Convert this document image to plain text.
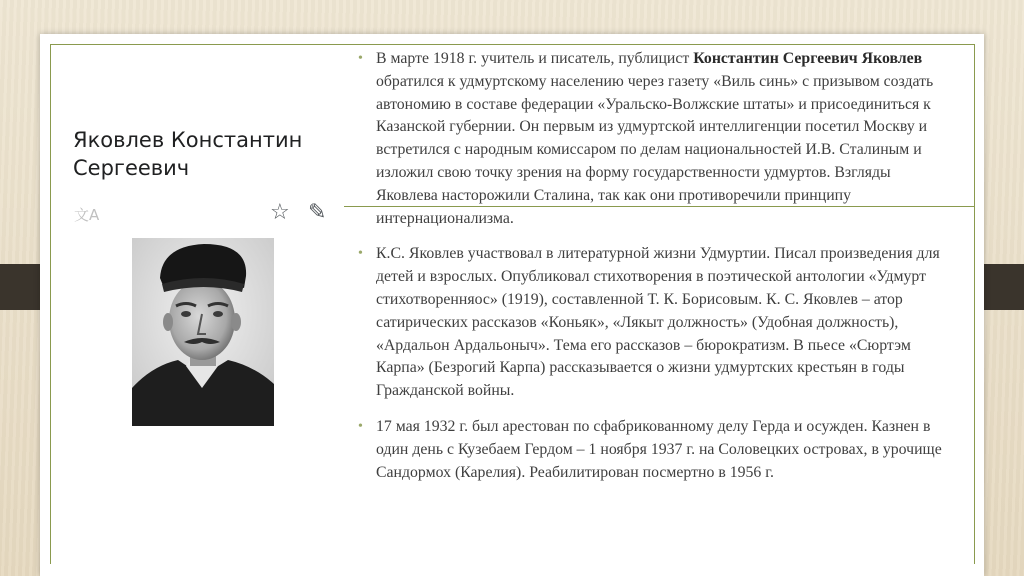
Яковлев Константин Сергеевич
文A	☆ ✎
• В марте 1918 г. учитель и писатель, публицист Константин Сергеевич Яковлев обратился к удмуртскому населению через газету «Виль синь» с призывом создать автономию в составе федерации «Уральско-Волжские штаты» и присоединиться к Казанской губернии. Он первым из удмуртской интеллигенции посетил Москву и встретился с народным комиссаром по делам национальностей И.В. Сталиным и изложил свою точку зрения на форму государственности удмуртов. Взгляды Яковлева насторожили Сталина, так как они противоречили принципу интернационализма.
• К.С. Яковлев участвовал в литературной жизни Удмуртии. Писал произведения для детей и взрослых. Опубликовал стихотворения в поэтической антологии «Удмурт стихотворенняос» (1919), составленной Т. К. Борисовым. К. С. Яковлев – атор сатирических рассказов «Коньяк», «Лякыт должность» (Удобная должность), «Ардальон Ардальоныч». Тема его рассказов – бюрократизм. В пьесе «Сюртэм Карпа» (Безрогий Карпа) рассказывается о жизни удмуртских крестьян в годы Гражданской войны.
• 17 мая 1932 г. был арестован по сфабрикованному делу Герда и осужден. Казнен в один день с Кузебаем Гердом – 1 ноября 1937 г. на Соловецких островах, в урочище Сандормох (Карелия). Реабилитирован посмертно в 1956 г.
